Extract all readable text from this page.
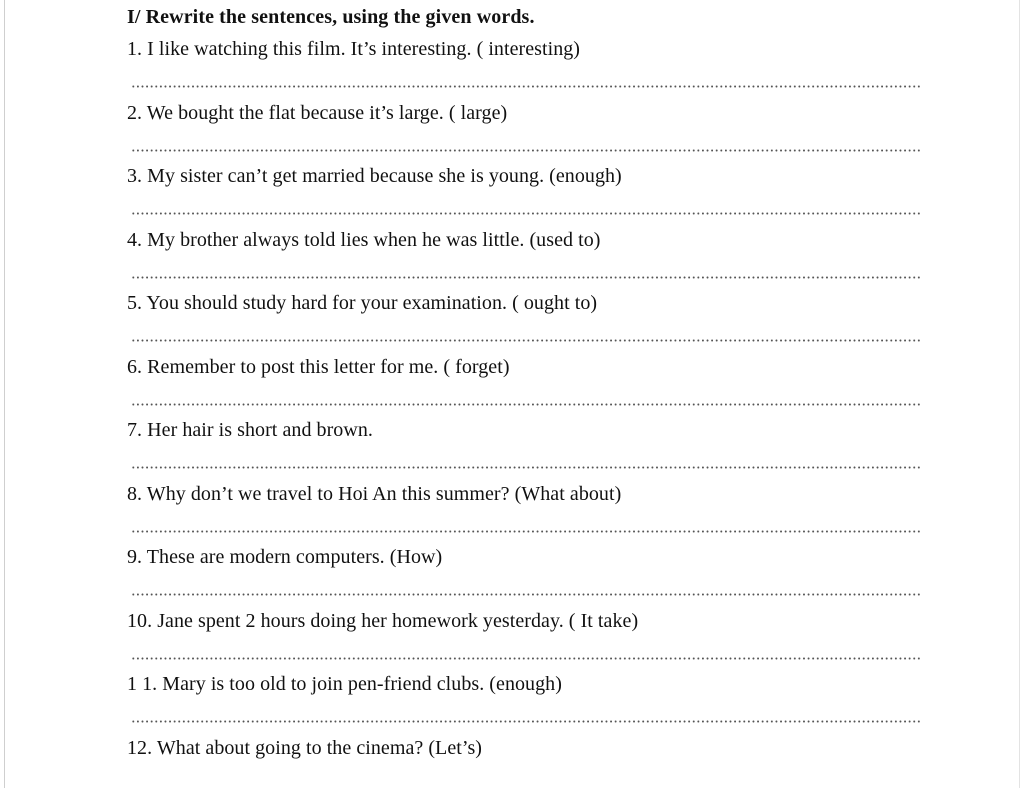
I/ Rewrite the sentences, using the given words.
1. I like watching this film. It’s interesting. ( interesting)
2. We bought the flat because it’s large. ( large)
3. My sister can’t get married because she is young. (enough)
4. My brother always told lies when he was little. (used to)
5. You should study hard for your examination. ( ought to)
6. Remember to post this letter for me. ( forget)
7. Her hair is short and brown.
8. Why don’t we travel to Hoi An this summer? (What about)
9. These are modern computers. (How)
10. Jane spent 2 hours doing her homework yesterday. ( It take)
1 1. Mary is too old to join pen-friend clubs. (enough)
12. What about going to the cinema? (Let’s)
